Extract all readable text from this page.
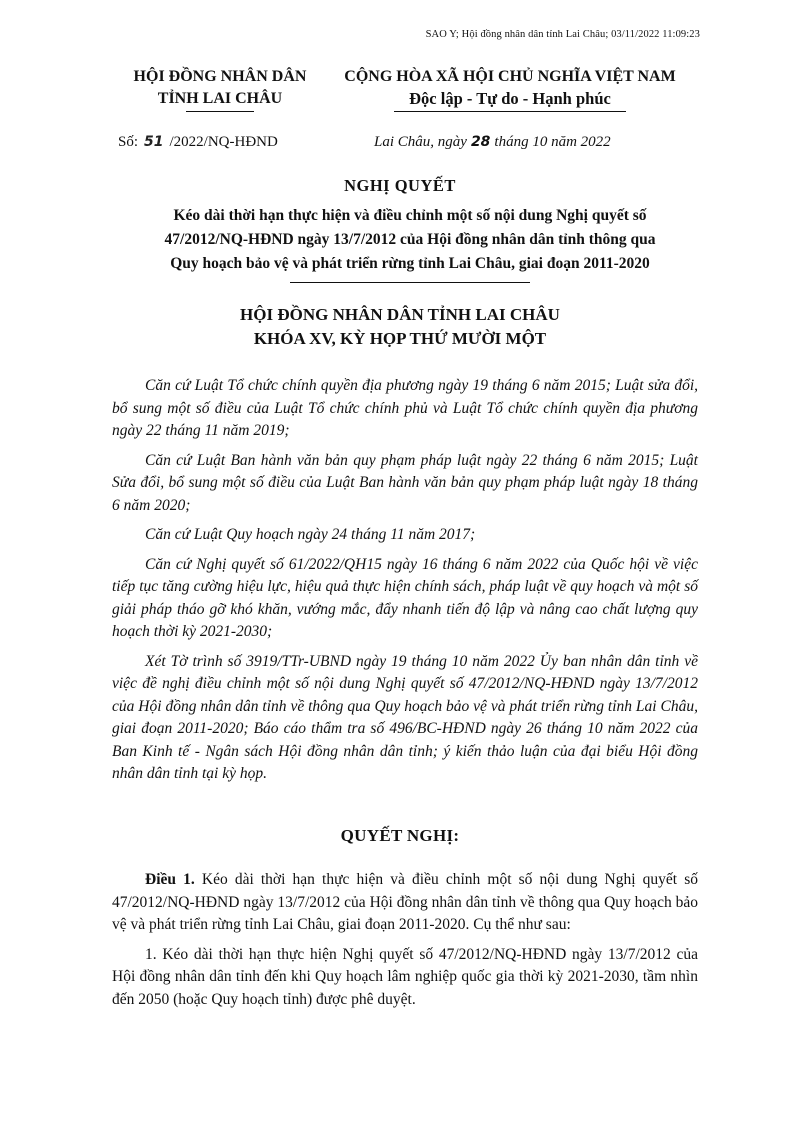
SAO Y; Hội đồng nhân dân tỉnh Lai Châu; 03/11/2022 11:09:23
HỘI ĐỒNG NHÂN DÂN
TỈNH LAI CHÂU
CỘNG HÒA XÃ HỘI CHỦ NGHĨA VIỆT NAM
Độc lập - Tự do - Hạnh phúc
Số: 51 /2022/NQ-HĐND	Lai Châu, ngày 28 tháng 10 năm 2022
NGHỊ QUYẾT
Kéo dài thời hạn thực hiện và điều chỉnh một số nội dung Nghị quyết số
47/2012/NQ-HĐND ngày 13/7/2012 của Hội đồng nhân dân tỉnh thông qua
Quy hoạch bảo vệ và phát triển rừng tỉnh Lai Châu, giai đoạn 2011-2020
HỘI ĐỒNG NHÂN DÂN TỈNH LAI CHÂU
KHÓA XV, KỲ HỌP THỨ MƯỜI MỘT

Căn cứ Luật Tổ chức chính quyền địa phương ngày 19 tháng 6 năm 2015; Luật sửa đổi, bổ sung một số điều của Luật Tổ chức chính phủ và Luật Tổ chức chính quyền địa phương ngày 22 tháng 11 năm 2019;

Căn cứ Luật Ban hành văn bản quy phạm pháp luật ngày 22 tháng 6 năm 2015; Luật Sửa đổi, bổ sung một số điều của Luật Ban hành văn bản quy phạm pháp luật ngày 18 tháng 6 năm 2020;

Căn cứ Luật Quy hoạch ngày 24 tháng 11 năm 2017;

Căn cứ Nghị quyết số 61/2022/QH15 ngày 16 tháng 6 năm 2022 của Quốc hội về việc tiếp tục tăng cường hiệu lực, hiệu quả thực hiện chính sách, pháp luật về quy hoạch và một số giải pháp tháo gỡ khó khăn, vướng mắc, đẩy nhanh tiến độ lập và nâng cao chất lượng quy hoạch thời kỳ 2021-2030;

Xét Tờ trình số 3919/TTr-UBND ngày 19 tháng 10 năm 2022 Ủy ban nhân dân tỉnh về việc đề nghị điều chỉnh một số nội dung Nghị quyết số 47/2012/NQ-HĐND ngày 13/7/2012 của Hội đồng nhân dân tỉnh về thông qua Quy hoạch bảo vệ và phát triển rừng tỉnh Lai Châu, giai đoạn 2011-2020; Báo cáo thẩm tra số 496/BC-HĐND ngày 26 tháng 10 năm 2022 của Ban Kinh tế - Ngân sách Hội đồng nhân dân tỉnh; ý kiến thảo luận của đại biểu Hội đồng nhân dân tỉnh tại kỳ họp.

QUYẾT NGHỊ:

Điều 1. Kéo dài thời hạn thực hiện và điều chỉnh một số nội dung Nghị quyết số 47/2012/NQ-HĐND ngày 13/7/2012 của Hội đồng nhân dân tỉnh về thông qua Quy hoạch bảo vệ và phát triển rừng tỉnh Lai Châu, giai đoạn 2011-2020. Cụ thể như sau:

1. Kéo dài thời hạn thực hiện Nghị quyết số 47/2012/NQ-HĐND ngày 13/7/2012 của Hội đồng nhân dân tỉnh đến khi Quy hoạch lâm nghiệp quốc gia thời kỳ 2021-2030, tầm nhìn đến 2050 (hoặc Quy hoạch tỉnh) được phê duyệt.
